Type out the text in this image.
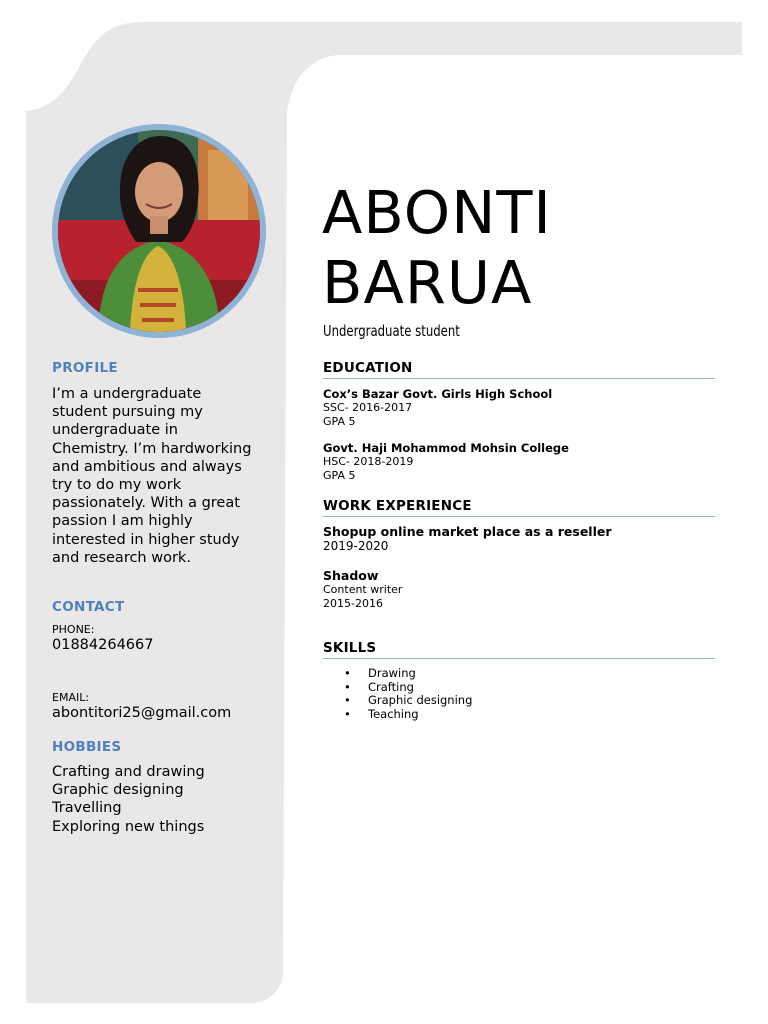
PROFILE
I’m a undergraduate
student pursuing my
undergraduate in
Chemistry. I’m hardworking
and ambitious and always
try to do my work
passionately. With a great
passion I am highly
interested in higher study
and research work.
CONTACT
PHONE:
01884264667
EMAIL:
abontitori25@gmail.com
HOBBIES
Crafting and drawing
Graphic designing
Travelling
Exploring new things
ABONTI
BARUA
Undergraduate student
EDUCATION
Cox’s Bazar Govt. Girls High School
SSC- 2016-2017
GPA 5
Govt. Haji Mohammod Mohsin College
HSC- 2018-2019
GPA 5
WORK EXPERIENCE
Shopup online market place as a reseller
2019-2020
Shadow
Content writer
2015-2016
SKILLS
• Drawing
• Crafting
• Graphic designing
• Teaching
